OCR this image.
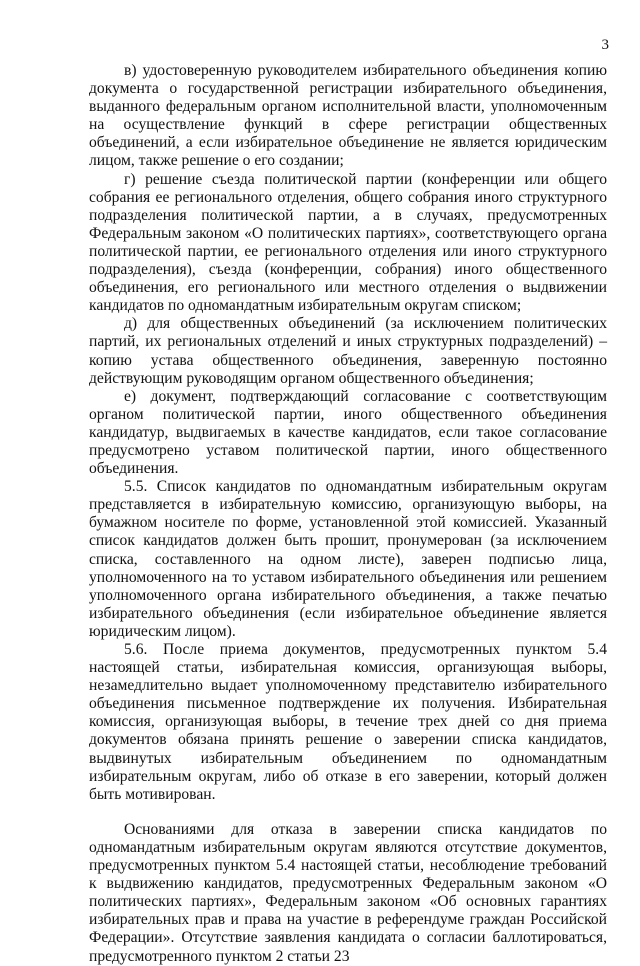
3

в) удостоверенную руководителем избирательного объединения копию документа о государственной регистрации избирательного объединения, выданного федеральным органом исполнительной власти, уполномоченным на осуществление функций в сфере регистрации общественных объединений, а если избирательное объединение не является юридическим лицом, также решение о его создании;

г) решение съезда политической партии (конференции или общего собрания ее регионального отделения, общего собрания иного структурного подразделения политической партии, а в случаях, предусмотренных Федеральным законом «О политических партиях», соответствующего органа политической партии, ее регионального отделения или иного структурного подразделения), съезда (конференции, собрания) иного общественного объединения, его регионального или местного отделения о выдвижении кандидатов по одномандатным избирательным округам списком;

д) для общественных объединений (за исключением политических партий, их региональных отделений и иных структурных подразделений) – копию устава общественного объединения, заверенную постоянно действующим руководящим органом общественного объединения;

е) документ, подтверждающий согласование с соответствующим органом политической партии, иного общественного объединения кандидатур, выдвигаемых в качестве кандидатов, если такое согласование предусмотрено уставом политической партии, иного общественного объединения.

5.5. Список кандидатов по одномандатным избирательным округам представляется в избирательную комиссию, организующую выборы, на бумажном носителе по форме, установленной этой комиссией. Указанный список кандидатов должен быть прошит, пронумерован (за исключением списка, составленного на одном листе), заверен подписью лица, уполномоченного на то уставом избирательного объединения или решением уполномоченного органа избирательного объединения, а также печатью избирательного объединения (если избирательное объединение является юридическим лицом).

5.6. После приема документов, предусмотренных пунктом 5.4 настоящей статьи, избирательная комиссия, организующая выборы, незамедлительно выдает уполномоченному представителю избирательного объединения письменное подтверждение их получения. Избирательная комиссия, организующая выборы, в течение трех дней со дня приема документов обязана принять решение о заверении списка кандидатов, выдвинутых избирательным объединением по одномандатным избирательным округам, либо об отказе в его заверении, который должен быть мотивирован.

Основаниями для отказа в заверении списка кандидатов по одномандатным избирательным округам являются отсутствие документов, предусмотренных пунктом 5.4 настоящей статьи, несоблюдение требований к выдвижению кандидатов, предусмотренных Федеральным законом «О политических партиях», Федеральным законом «Об основных гарантиях избирательных прав и права на участие в референдуме граждан Российской Федерации». Отсутствие заявления кандидата о согласии баллотироваться, предусмотренного пунктом 2 статьи 23
